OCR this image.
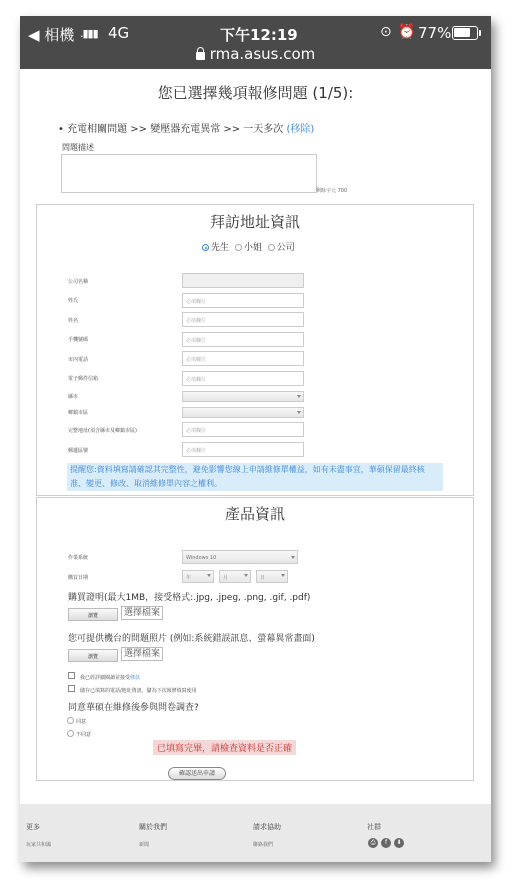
◀ 相機 .▮▮▮ 4G	下午12:19	⊙ ⏰ 77%
rma.asus.com
您已選擇幾項報修問題 (1/5):
• 充電相關問題 >> 變壓器充電異常 >> 一天多次 (移除)
問題描述
剩餘字元 700
拜訪地址資訊
先生 小姐 公司
公司名稱
姓氏	必填欄位
姓名	必填欄位
手機號碼	必填欄位
市內電話	必填欄位
電子郵件信箱	必填欄位
縣市
鄉鎮市區
完整地址(須含縣市及鄉鎮市區)	必填欄位
郵遞區號	必填欄位
提醒您:資料填寫請確認其完整性，避免影響您線上申請維修單權益，如有未盡事宜，華碩保留最終核准、變更、修改、取消維修單內容之權利。
產品資訊
作業系統	Windows 10
購買日期	年	月	日
購買證明(最大1MB，接受格式:.jpg, .jpeg, .png, .gif, .pdf)
瀏覽	選擇檔案
您可提供機台的問題照片 (例如:系統錯誤訊息、螢幕異常畫面)
瀏覽	選擇檔案
我已經詳細閱讀並接受條款
儲存已填寫的電話/地址資訊，儲為下次報修填寫使用
同意華碩在維修後參與問卷調查?
同意
不同意
已填寫完畢，請檢查資料是否正確
確認送出申請
更多	關於我們	請求協助	社群
玩家共和國	新聞	聯絡我們	⎙	f	⬇
